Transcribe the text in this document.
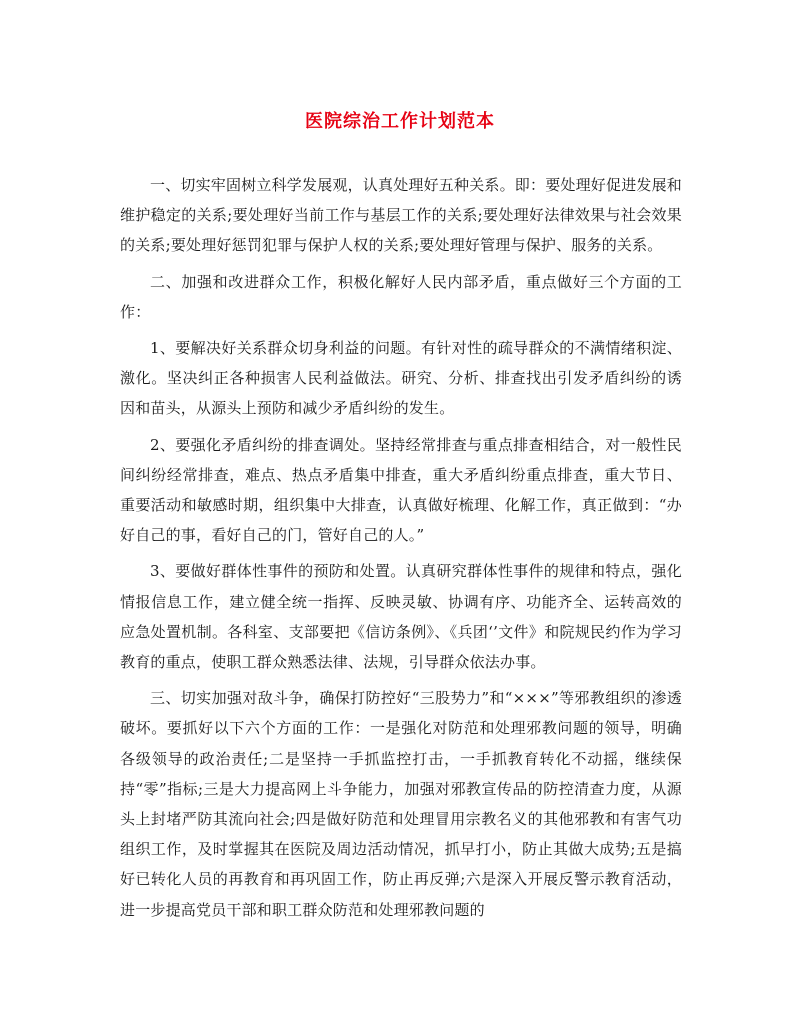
医院综治工作计划范本

一、切实牢固树立科学发展观，认真处理好五种关系。即：要处理好促进发展和维护稳定的关系;要处理好当前工作与基层工作的关系;要处理好法律效果与社会效果的关系;要处理好惩罚犯罪与保护人权的关系;要处理好管理与保护、服务的关系。

二、加强和改进群众工作，积极化解好人民内部矛盾，重点做好三个方面的工作：

1、要解决好关系群众切身利益的问题。有针对性的疏导群众的不满情绪积淀、激化。坚决纠正各种损害人民利益做法。研究、分析、排查找出引发矛盾纠纷的诱因和苗头，从源头上预防和减少矛盾纠纷的发生。

2、要强化矛盾纠纷的排查调处。坚持经常排查与重点排查相结合，对一般性民间纠纷经常排查，难点、热点矛盾集中排查，重大矛盾纠纷重点排查，重大节日、重要活动和敏感时期，组织集中大排查，认真做好梳理、化解工作，真正做到：“办好自己的事，看好自己的门，管好自己的人。”

3、要做好群体性事件的预防和处置。认真研究群体性事件的规律和特点，强化情报信息工作，建立健全统一指挥、反映灵敏、协调有序、功能齐全、运转高效的应急处置机制。各科室、支部要把《信访条例》、《兵团‘’文件》和院规民约作为学习教育的重点，使职工群众熟悉法律、法规，引导群众依法办事。

三、切实加强对敌斗争，确保打防控好“三股势力”和“×××”等邪教组织的渗透破坏。要抓好以下六个方面的工作：一是强化对防范和处理邪教问题的领导，明确各级领导的政治责任;二是坚持一手抓监控打击，一手抓教育转化不动摇，继续保持“零”指标;三是大力提高网上斗争能力，加强对邪教宣传品的防控清查力度，从源头上封堵严防其流向社会;四是做好防范和处理冒用宗教名义的其他邪教和有害气功组织工作，及时掌握其在医院及周边活动情况，抓早打小，防止其做大成势;五是搞好已转化人员的再教育和再巩固工作，防止再反弹;六是深入开展反警示教育活动，进一步提高党员干部和职工群众防范和处理邪教问题的
